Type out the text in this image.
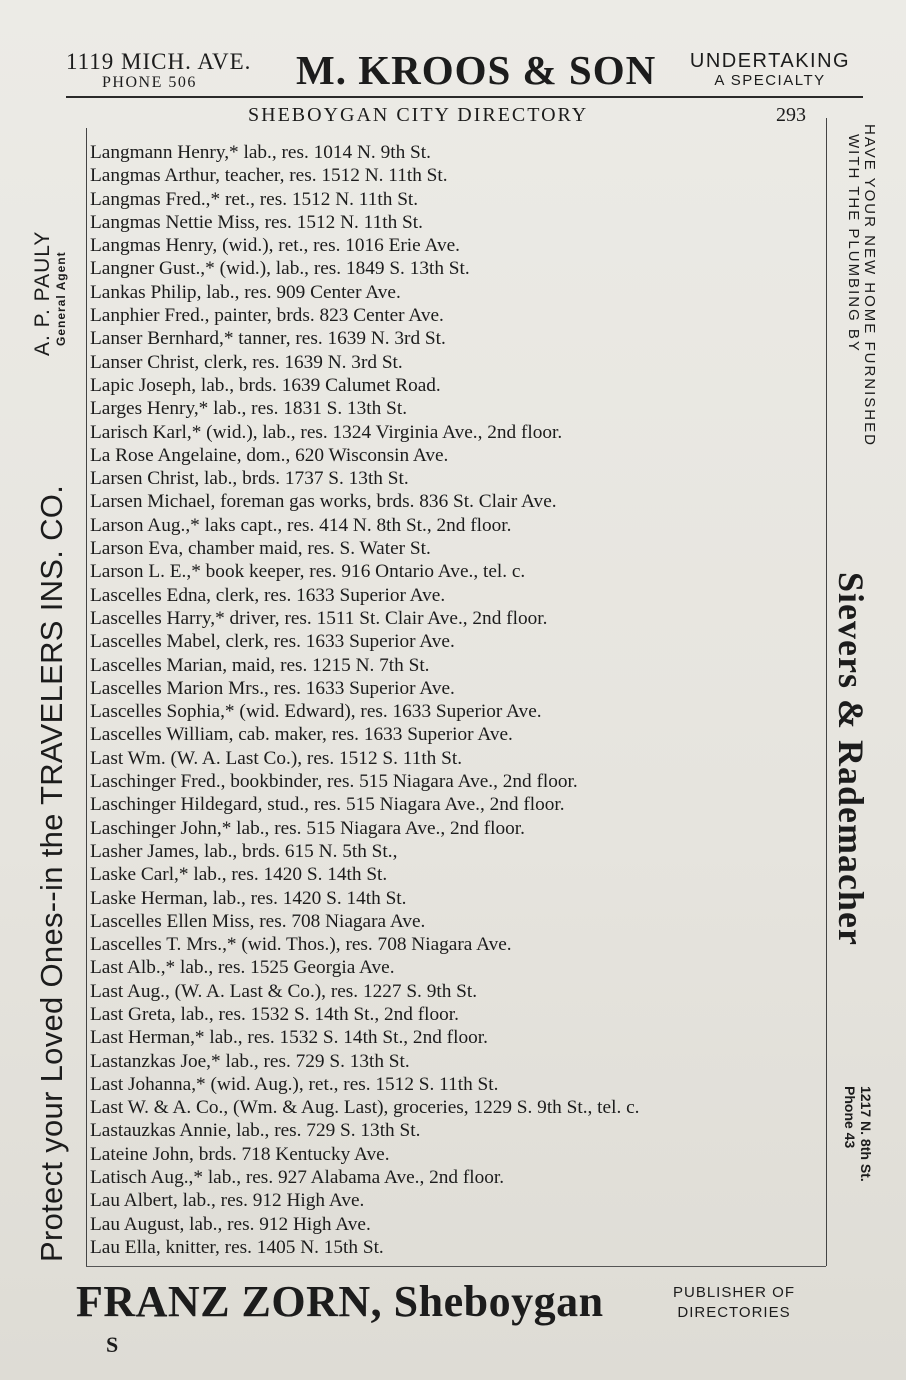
1119 MICH. AVE.
PHONE 506	M. KROOS & SON	UNDERTAKING
A SPECIALTY
SHEBOYGAN CITY DIRECTORY	293
Langmann Henry,* lab., res. 1014 N. 9th St.
Langmas Arthur, teacher, res. 1512 N. 11th St.
Langmas Fred.,* ret., res. 1512 N. 11th St.
Langmas Nettie Miss, res. 1512 N. 11th St.
Langmas Henry, (wid.), ret., res. 1016 Erie Ave.
Langner Gust.,* (wid.), lab., res. 1849 S. 13th St.
Lankas Philip, lab., res. 909 Center Ave.
Lanphier Fred., painter, brds. 823 Center Ave.
Lanser Bernhard,* tanner, res. 1639 N. 3rd St.
Lanser Christ, clerk, res. 1639 N. 3rd St.
Lapic Joseph, lab., brds. 1639 Calumet Road.
Larges Henry,* lab., res. 1831 S. 13th St.
Larisch Karl,* (wid.), lab., res. 1324 Virginia Ave., 2nd floor.
La Rose Angelaine, dom., 620 Wisconsin Ave.
Larsen Christ, lab., brds. 1737 S. 13th St.
Larsen Michael, foreman gas works, brds. 836 St. Clair Ave.
Larson Aug.,* laks capt., res. 414 N. 8th St., 2nd floor.
Larson Eva, chamber maid, res. S. Water St.
Larson L. E.,* book keeper, res. 916 Ontario Ave., tel. c.
Lascelles Edna, clerk, res. 1633 Superior Ave.
Lascelles Harry,* driver, res. 1511 St. Clair Ave., 2nd floor.
Lascelles Mabel, clerk, res. 1633 Superior Ave.
Lascelles Marian, maid, res. 1215 N. 7th St.
Lascelles Marion Mrs., res. 1633 Superior Ave.
Lascelles Sophia,* (wid. Edward), res. 1633 Superior Ave.
Lascelles William, cab. maker, res. 1633 Superior Ave.
Last Wm. (W. A. Last Co.), res. 1512 S. 11th St.
Laschinger Fred., bookbinder, res. 515 Niagara Ave., 2nd floor.
Laschinger Hildegard, stud., res. 515 Niagara Ave., 2nd floor.
Laschinger John,* lab., res. 515 Niagara Ave., 2nd floor.
Lasher James, lab., brds. 615 N. 5th St.,
Laske Carl,* lab., res. 1420 S. 14th St.
Laske Herman, lab., res. 1420 S. 14th St.
Lascelles Ellen Miss, res. 708 Niagara Ave.
Lascelles T. Mrs.,* (wid. Thos.), res. 708 Niagara Ave.
Last Alb.,* lab., res. 1525 Georgia Ave.
Last Aug., (W. A. Last & Co.), res. 1227 S. 9th St.
Last Greta, lab., res. 1532 S. 14th St., 2nd floor.
Last Herman,* lab., res. 1532 S. 14th St., 2nd floor.
Lastanzkas Joe,* lab., res. 729 S. 13th St.
Last Johanna,* (wid. Aug.), ret., res. 1512 S. 11th St.
Last W. & A. Co., (Wm. & Aug. Last), groceries, 1229 S. 9th St., tel. c.
Lastauzkas Annie, lab., res. 729 S. 13th St.
Lateine John, brds. 718 Kentucky Ave.
Latisch Aug.,* lab., res. 927 Alabama Ave., 2nd floor.
Lau Albert, lab., res. 912 High Ave.
Lau August, lab., res. 912 High Ave.
Lau Ella, knitter, res. 1405 N. 15th St.
Protect your Loved Ones--in the TRAVELERS INS. CO.
A. P. PAULY General Agent	HAVE YOUR NEW HOME FURNISHED
WITH THE PLUMBING BY
Sievers & Rademacher
1217 N. 8th St.
Phone 43
FRANZ ZORN, Sheboygan	PUBLISHER OF
DIRECTORIES
S
